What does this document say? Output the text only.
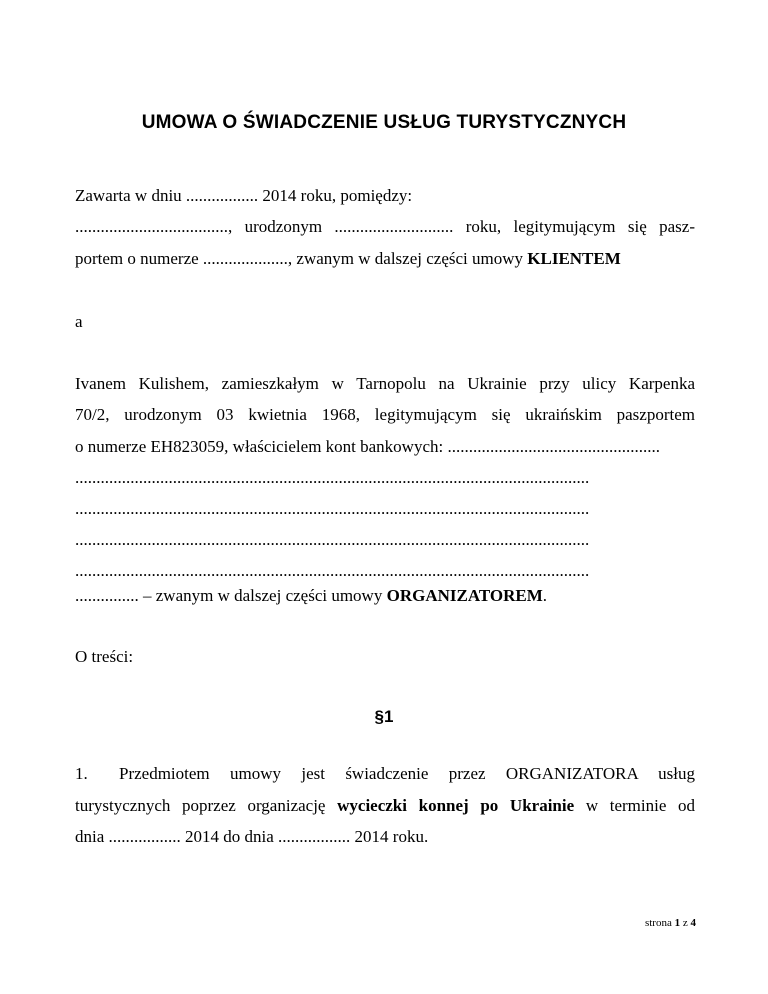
UMOWA O ŚWIADCZENIE USŁUG TURYSTYCZNYCH
Zawarta w dniu ................. 2014 roku, pomiędzy:
...................................., urodzonym ............................ roku, legitymującym się pasz-
portem o numerze ...................., zwanym w dalszej części umowy KLIENTEM
a
Ivanem Kulishem, zamieszkałym w Tarnopolu na Ukrainie przy ulicy Karpenka
70/2, urodzonym 03 kwietnia 1968, legitymującym się ukraińskim paszportem
o numerze EH823059, właścicielem kont bankowych: ..................................................
.........................................................................................................................
.........................................................................................................................
.........................................................................................................................
.........................................................................................................................
............... – zwanym w dalszej części umowy ORGANIZATOREM.
O treści:
§1
1. Przedmiotem umowy jest świadczenie przez ORGANIZATORA usług
turystycznych poprzez organizację wycieczki konnej po Ukrainie w terminie od
dnia ................. 2014 do dnia ................. 2014 roku.
strona 1 z 4
